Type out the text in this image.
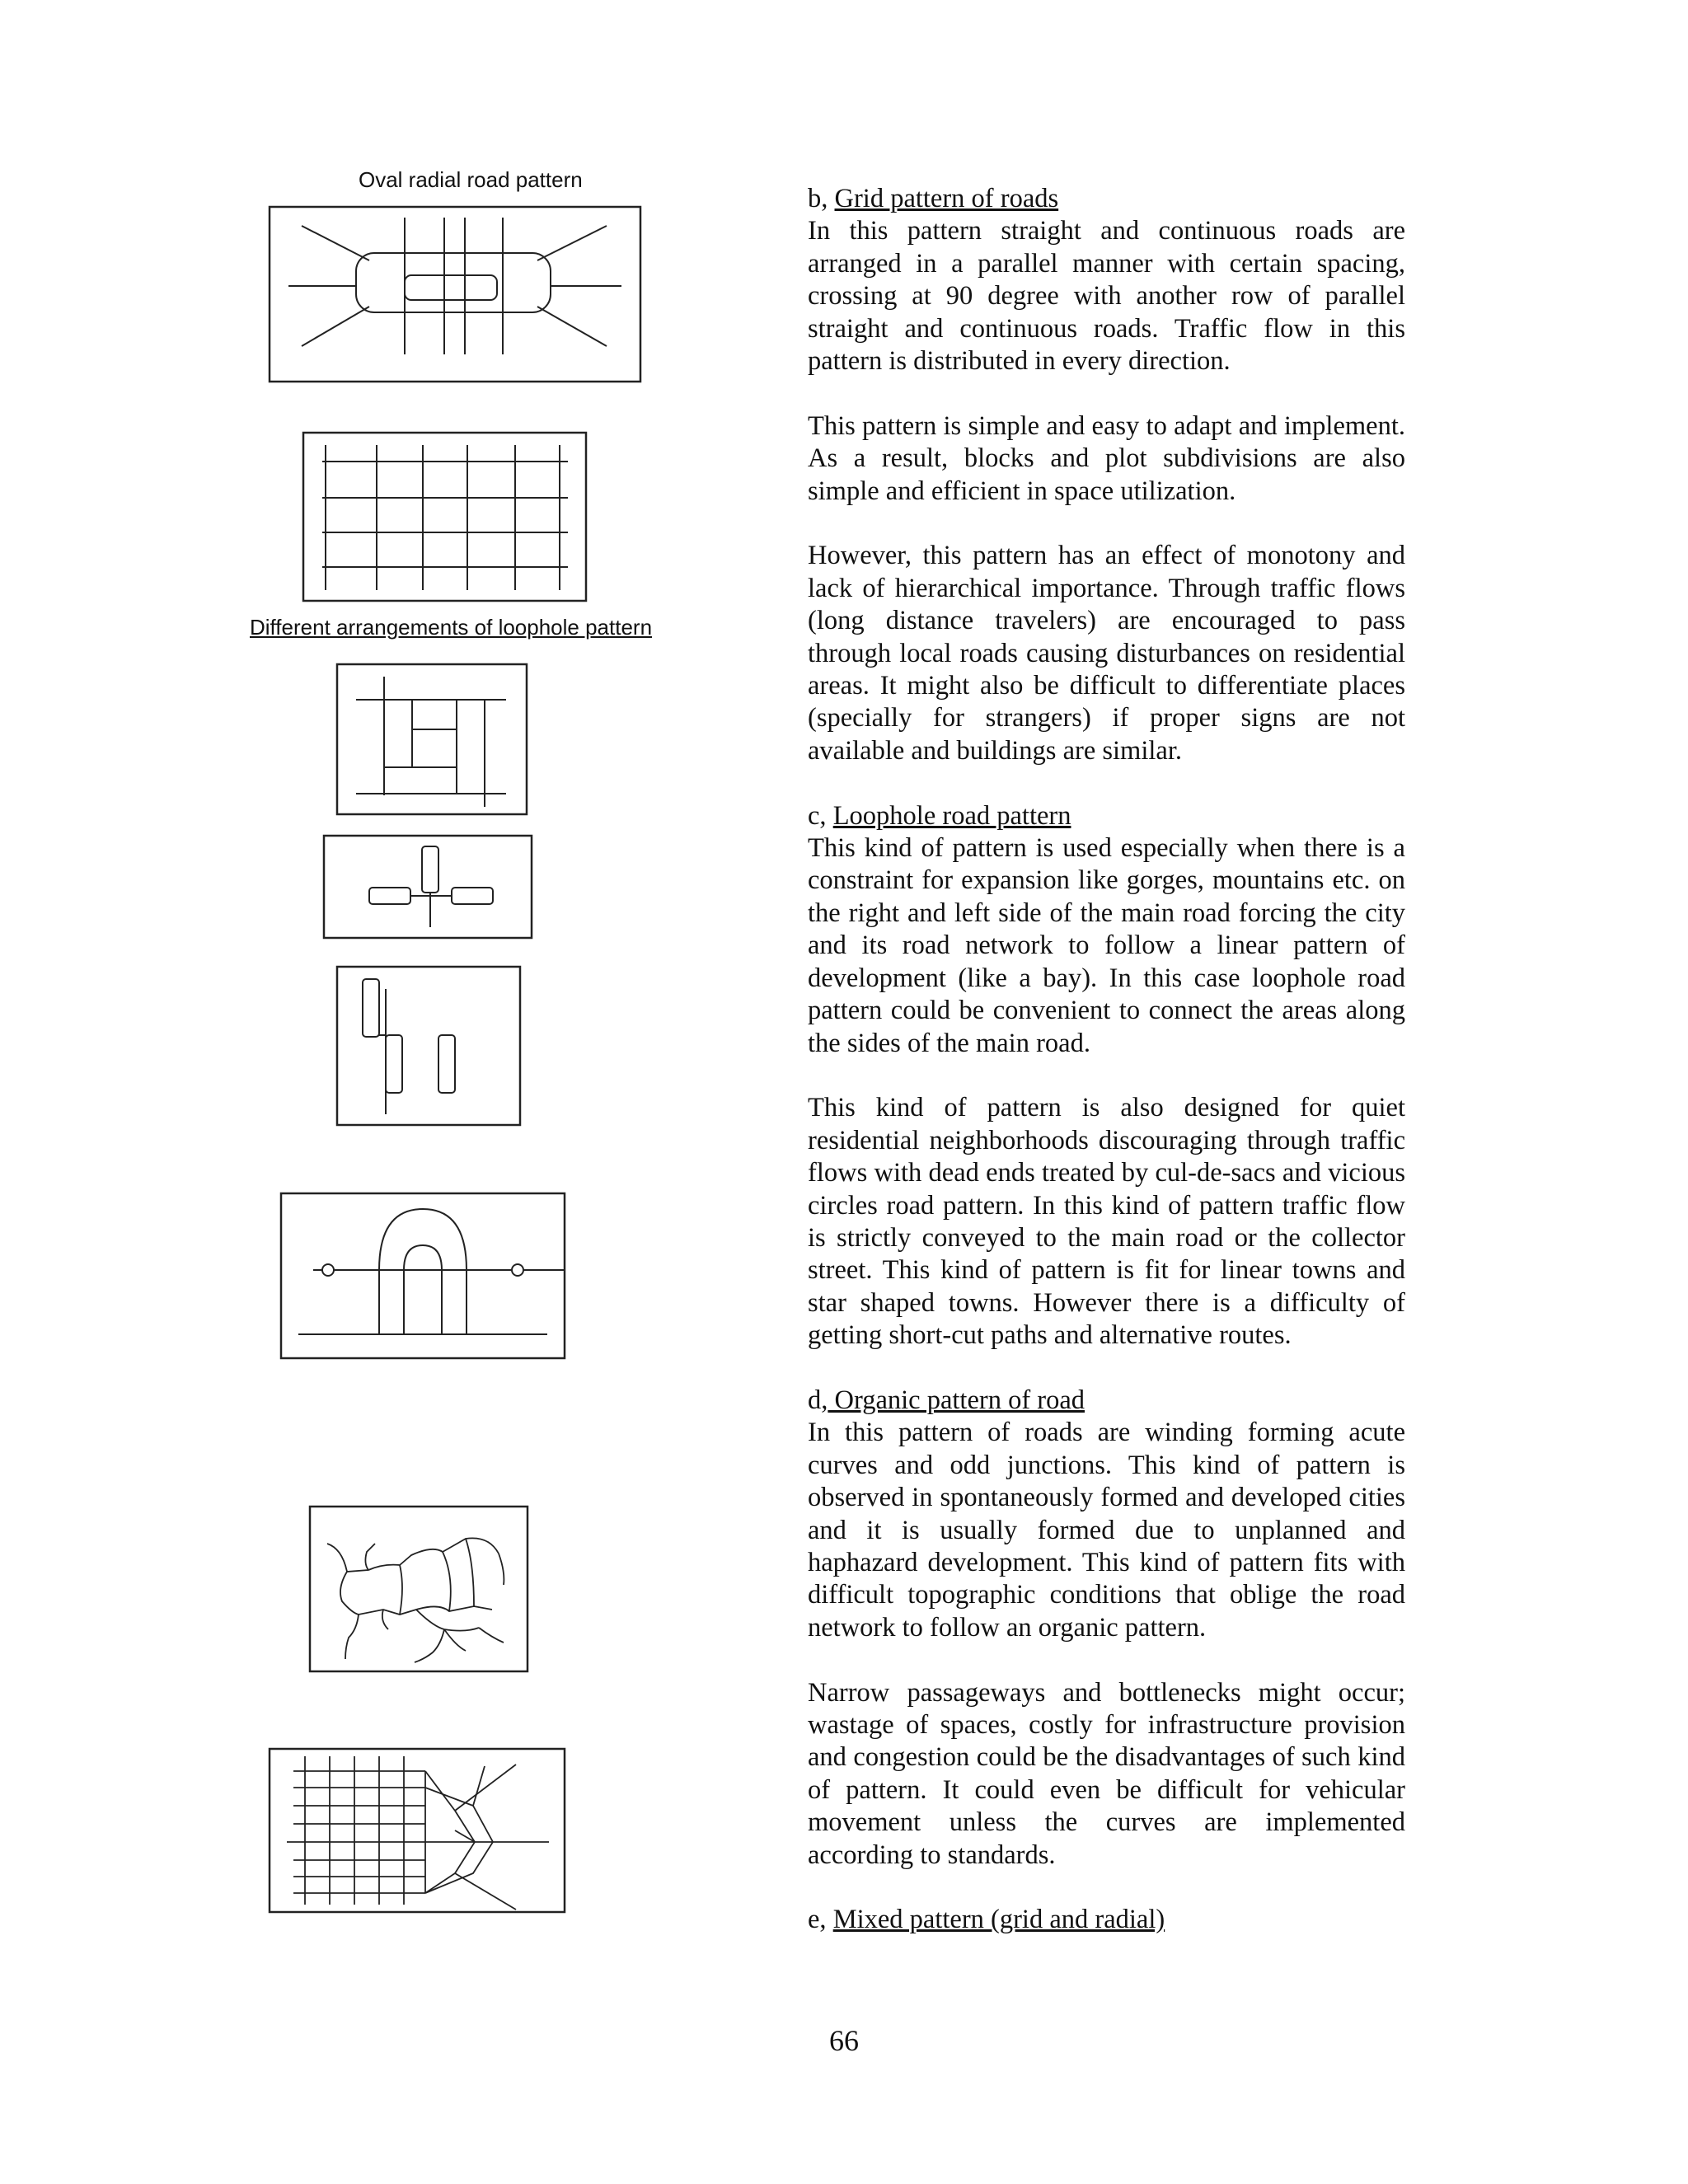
Oval radial road pattern
Different arrangements of loophole pattern
b, Grid pattern of roads

In this pattern straight and continuous roads are arranged in a parallel manner with certain spacing, crossing at 90 degree with another row of parallel straight and continuous roads. Traffic flow in this pattern is distributed in every direction.

This pattern is simple and easy to adapt and implement. As a result, blocks and plot subdivisions are also simple and efficient in space utilization.

However, this pattern has an effect of monotony and lack of hierarchical importance. Through traffic flows (long distance travelers) are encouraged to pass through local roads causing disturbances on residential areas. It might also be difficult to differentiate places (specially for strangers) if proper signs are not available and buildings are similar.

c, Loophole road pattern

This kind of pattern is used especially when there is a constraint for expansion like gorges, mountains etc. on the right and left side of the main road forcing the city and its road network to follow a linear pattern of development (like a bay). In this case loophole road pattern could be convenient to connect the areas along the sides of the main road.

This kind of pattern is also designed for quiet residential neighborhoods discouraging through traffic flows with dead ends treated by cul-de-sacs and vicious circles road pattern. In this kind of pattern traffic flow is strictly conveyed to the main road or the collector street. This kind of pattern is fit for linear towns and star shaped towns. However there is a difficulty of getting short-cut paths and alternative routes.

d, Organic pattern of road

In this pattern of roads are winding forming acute curves and odd junctions. This kind of pattern is observed in spontaneously formed and developed cities and it is usually formed due to unplanned and haphazard development. This kind of pattern fits with difficult topographic conditions that oblige the road network to follow an organic pattern.

Narrow passageways and bottlenecks might occur; wastage of spaces, costly for infrastructure provision and congestion could be the disadvantages of such kind of pattern. It could even be difficult for vehicular movement unless the curves are implemented according to standards.

e, Mixed pattern (grid and radial)
66
